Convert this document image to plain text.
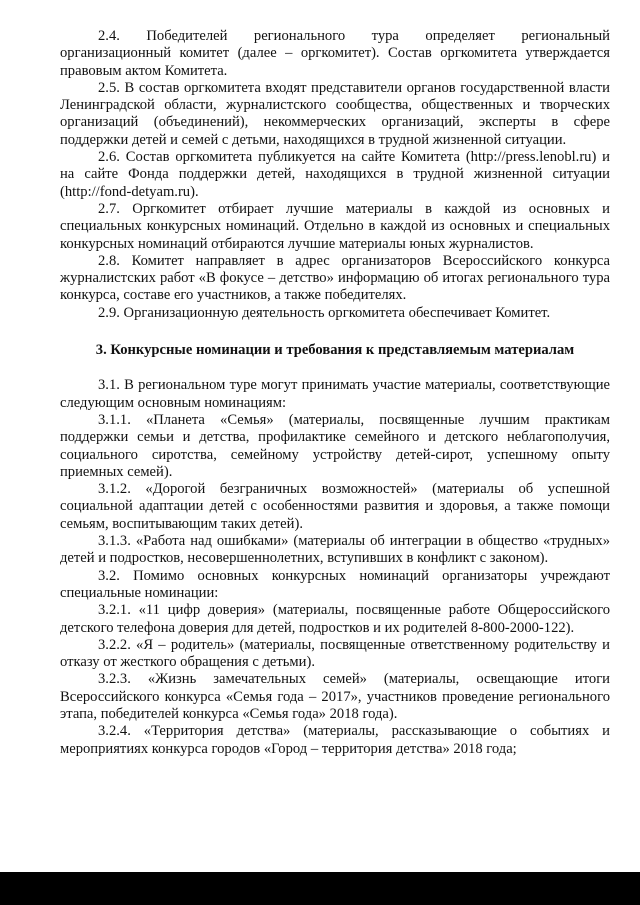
2.4. Победителей регионального тура определяет региональный организационный комитет (далее – оргкомитет). Состав оргкомитета утверждается правовым актом Комитета.

2.5. В состав оргкомитета входят представители органов государственной власти Ленинградской области, журналистского сообщества, общественных и творческих организаций (объединений), некоммерческих организаций, эксперты в сфере поддержки детей и семей с детьми, находящихся в трудной жизненной ситуации.

2.6. Состав оргкомитета публикуется на сайте Комитета (http://press.lenobl.ru) и на сайте Фонда поддержки детей, находящихся в трудной жизненной ситуации (http://fond-detyam.ru).

2.7. Оргкомитет отбирает лучшие материалы в каждой из основных и специальных конкурсных номинаций. Отдельно в каждой из основных и специальных конкурсных номинаций отбираются лучшие материалы юных журналистов.

2.8. Комитет направляет в адрес организаторов Всероссийского конкурса журналистских работ «В фокусе – детство» информацию об итогах регионального тура конкурса, составе его участников, а также победителях.

2.9. Организационную деятельность оргкомитета обеспечивает Комитет.

3. Конкурсные номинации и требования к представляемым материалам

3.1. В региональном туре могут принимать участие материалы, соответствующие следующим основным номинациям:

3.1.1. «Планета «Семья» (материалы, посвященные лучшим практикам поддержки семьи и детства, профилактике семейного и детского неблагополучия, социального сиротства, семейному устройству детей-сирот, успешному опыту приемных семей).

3.1.2. «Дорогой безграничных возможностей» (материалы об успешной социальной адаптации детей с особенностями развития и здоровья, а также помощи семьям, воспитывающим таких детей).

3.1.3. «Работа над ошибками» (материалы об интеграции в общество «трудных» детей и подростков, несовершеннолетних, вступивших в конфликт с законом).

3.2. Помимо основных конкурсных номинаций организаторы учреждают специальные номинации:

3.2.1. «11 цифр доверия» (материалы, посвященные работе Общероссийского детского телефона доверия для детей, подростков и их родителей 8-800-2000-122).

3.2.2. «Я – родитель» (материалы, посвященные ответственному родительству и отказу от жесткого обращения с детьми).

3.2.3. «Жизнь замечательных семей» (материалы, освещающие итоги Всероссийского конкурса «Семья года – 2017», участников проведение регионального этапа, победителей конкурса «Семья года» 2018 года).

3.2.4. «Территория детства» (материалы, рассказывающие о событиях и мероприятиях конкурса городов «Город – территория детства» 2018 года;
